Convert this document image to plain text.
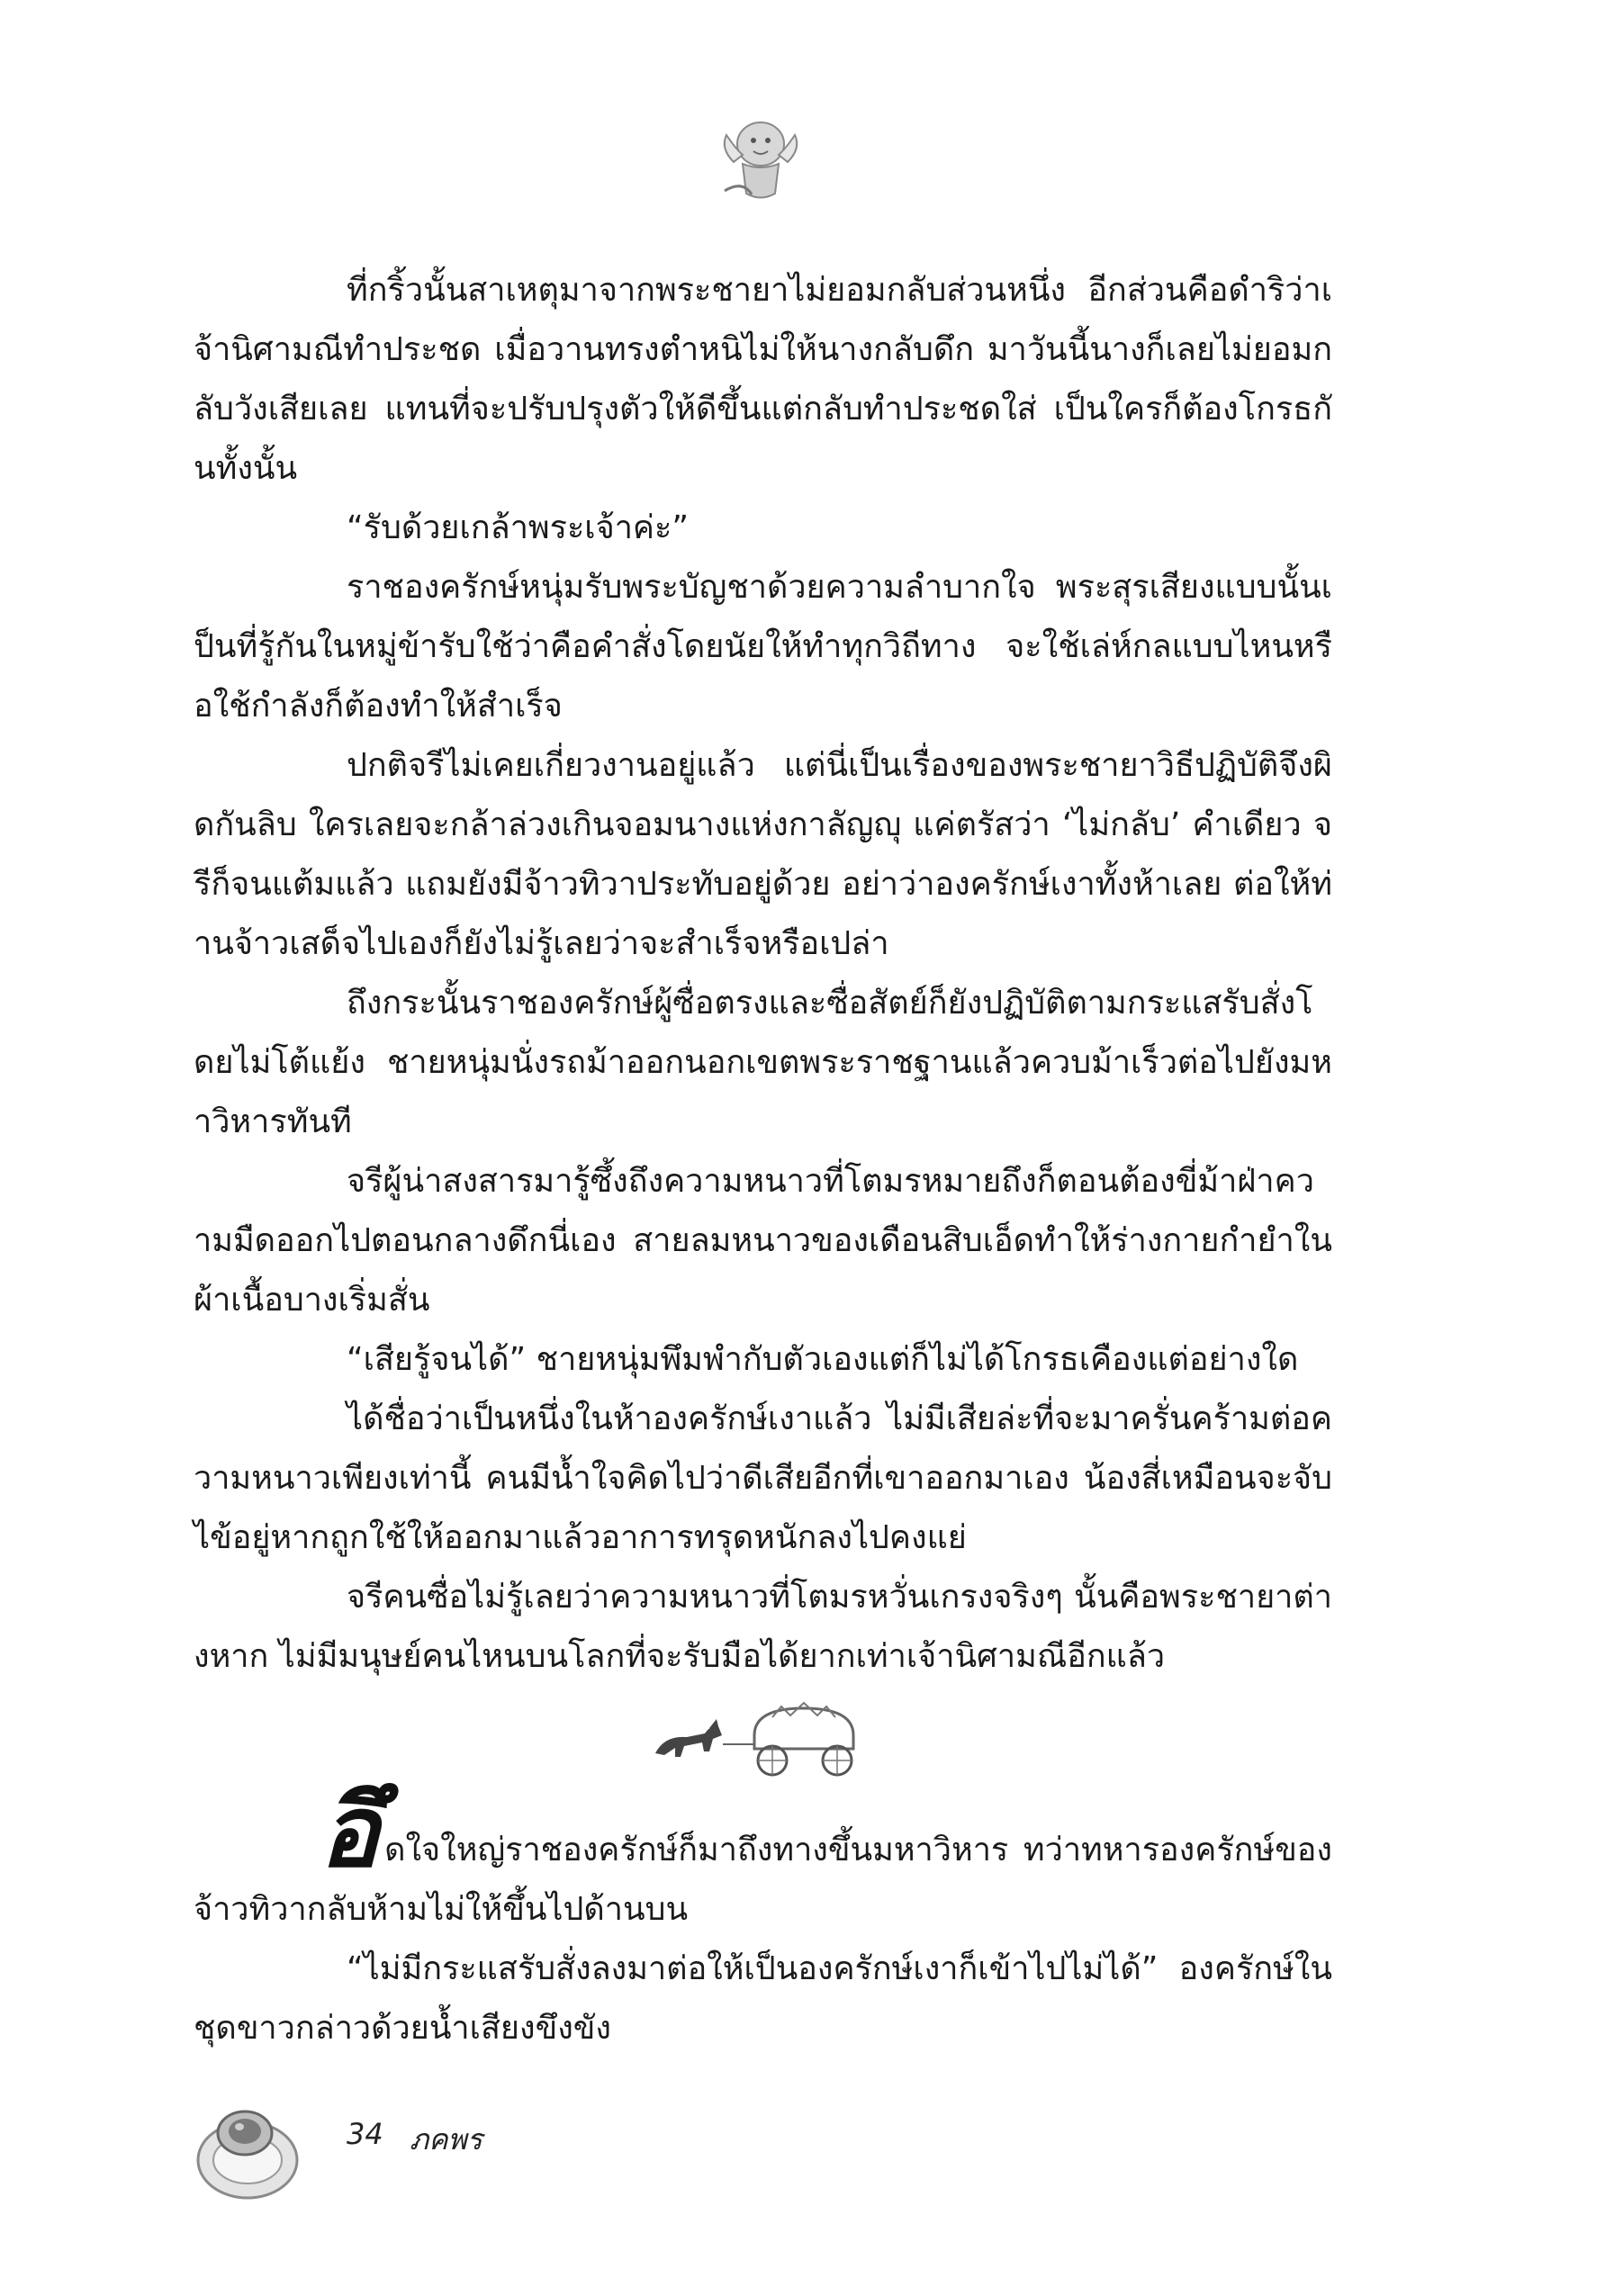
ที่กริ้วนั้นสาเหตุมาจากพระชายาไม่ยอมกลับส่วนหนึ่ง อีกส่วนคือดำริว่าเจ้านิศามณีทำประชด เมื่อวานทรงตำหนิไม่ให้นางกลับดึก มาวันนี้นางก็เลยไม่ยอมกลับวังเสียเลย แทนที่จะปรับปรุงตัวให้ดีขึ้นแต่กลับทำประชดใส่ เป็นใครก็ต้องโกรธกันทั้งนั้น

“รับด้วยเกล้าพระเจ้าค่ะ”

ราชองครักษ์หนุ่มรับพระบัญชาด้วยความลำบากใจ พระสุรเสียงแบบนั้นเป็นที่รู้กันในหมู่ข้ารับใช้ว่าคือคำสั่งโดยนัยให้ทำทุกวิถีทาง จะใช้เล่ห์กลแบบไหนหรือใช้กำลังก็ต้องทำให้สำเร็จ

ปกติจรีไม่เคยเกี่ยวงานอยู่แล้ว แต่นี่เป็นเรื่องของพระชายาวิธีปฏิบัติจึงผิดกันลิบ ใครเลยจะกล้าล่วงเกินจอมนางแห่งกาลัญญุ แค่ตรัสว่า ‘ไม่กลับ’ คำเดียว จรีก็จนแต้มแล้ว แถมยังมีจ้าวทิวาประทับอยู่ด้วย อย่าว่าองครักษ์เงาทั้งห้าเลย ต่อให้ท่านจ้าวเสด็จไปเองก็ยังไม่รู้เลยว่าจะสำเร็จหรือเปล่า

ถึงกระนั้นราชองครักษ์ผู้ซื่อตรงและซื่อสัตย์ก็ยังปฏิบัติตามกระแสรับสั่งโดยไม่โต้แย้ง ชายหนุ่มนั่งรถม้าออกนอกเขตพระราชฐานแล้วควบม้าเร็วต่อไปยังมหาวิหารทันที

จรีผู้น่าสงสารมารู้ซึ้งถึงความหนาวที่โตมรหมายถึงก็ตอนต้องขี่ม้าฝ่าความมืดออกไปตอนกลางดึกนี่เอง สายลมหนาวของเดือนสิบเอ็ดทำให้ร่างกายกำยำในผ้าเนื้อบางเริ่มสั่น

“เสียรู้จนได้” ชายหนุ่มพึมพำกับตัวเองแต่ก็ไม่ได้โกรธเคืองแต่อย่างใด

ได้ชื่อว่าเป็นหนึ่งในห้าองครักษ์เงาแล้ว ไม่มีเสียล่ะที่จะมาครั่นคร้ามต่อความหนาวเพียงเท่านี้ คนมีน้ำใจคิดไปว่าดีเสียอีกที่เขาออกมาเอง น้องสี่เหมือนจะจับไข้อยู่หากถูกใช้ให้ออกมาแล้วอาการทรุดหนักลงไปคงแย่

จรีคนซื่อไม่รู้เลยว่าความหนาวที่โตมรหวั่นเกรงจริงๆ นั้นคือพระชายาต่างหาก ไม่มีมนุษย์คนไหนบนโลกที่จะรับมือได้ยากเท่าเจ้านิศามณีอีกแล้ว

อึดใจใหญ่ราชองครักษ์ก็มาถึงทางขึ้นมหาวิหาร ทว่าทหารองครักษ์ของจ้าวทิวากลับห้ามไม่ให้ขึ้นไปด้านบน

“ไม่มีกระแสรับสั่งลงมาต่อให้เป็นองครักษ์เงาก็เข้าไปไม่ได้” องครักษ์ในชุดขาวกล่าวด้วยน้ำเสียงขึงขัง

34 ภคพร
